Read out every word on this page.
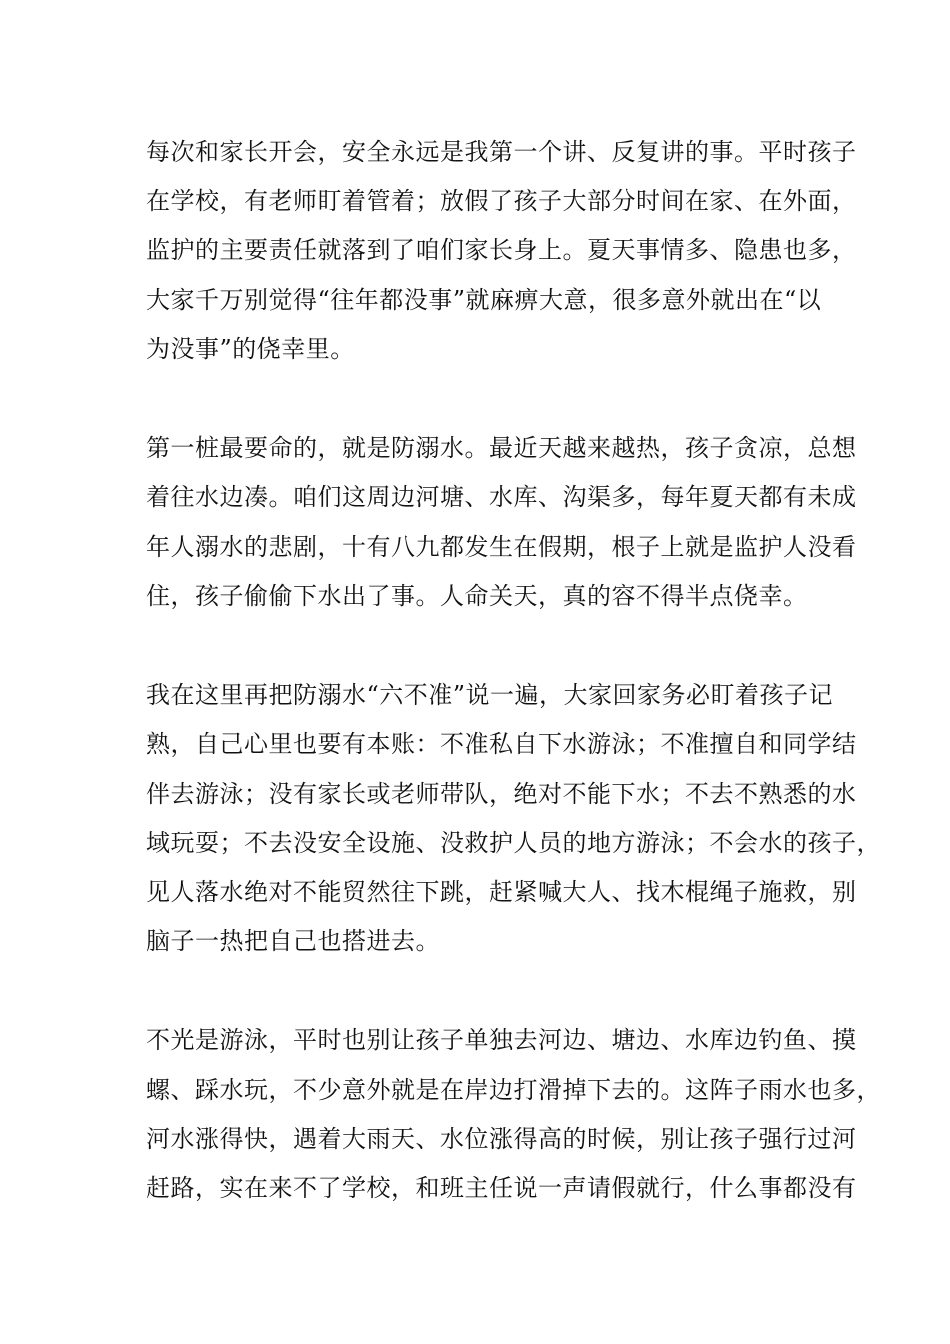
每次和家长开会，安全永远是我第一个讲、反复讲的事。平时孩子
在学校，有老师盯着管着；放假了孩子大部分时间在家、在外面，
监护的主要责任就落到了咱们家长身上。夏天事情多、隐患也多，
大家千万别觉得“往年都没事”就麻痹大意，很多意外就出在“以
为没事”的侥幸里。
第一桩最要命的，就是防溺水。最近天越来越热，孩子贪凉，总想
着往水边凑。咱们这周边河塘、水库、沟渠多，每年夏天都有未成
年人溺水的悲剧，十有八九都发生在假期，根子上就是监护人没看
住，孩子偷偷下水出了事。人命关天，真的容不得半点侥幸。
我在这里再把防溺水“六不准”说一遍，大家回家务必盯着孩子记
熟，自己心里也要有本账：不准私自下水游泳；不准擅自和同学结
伴去游泳；没有家长或老师带队，绝对不能下水；不去不熟悉的水
域玩耍；不去没安全设施、没救护人员的地方游泳；不会水的孩子，
见人落水绝对不能贸然往下跳，赶紧喊大人、找木棍绳子施救，别
脑子一热把自己也搭进去。
不光是游泳，平时也别让孩子单独去河边、塘边、水库边钓鱼、摸
螺、踩水玩，不少意外就是在岸边打滑掉下去的。这阵子雨水也多，
河水涨得快，遇着大雨天、水位涨得高的时候，别让孩子强行过河
赶路，实在来不了学校，和班主任说一声请假就行，什么事都没有
